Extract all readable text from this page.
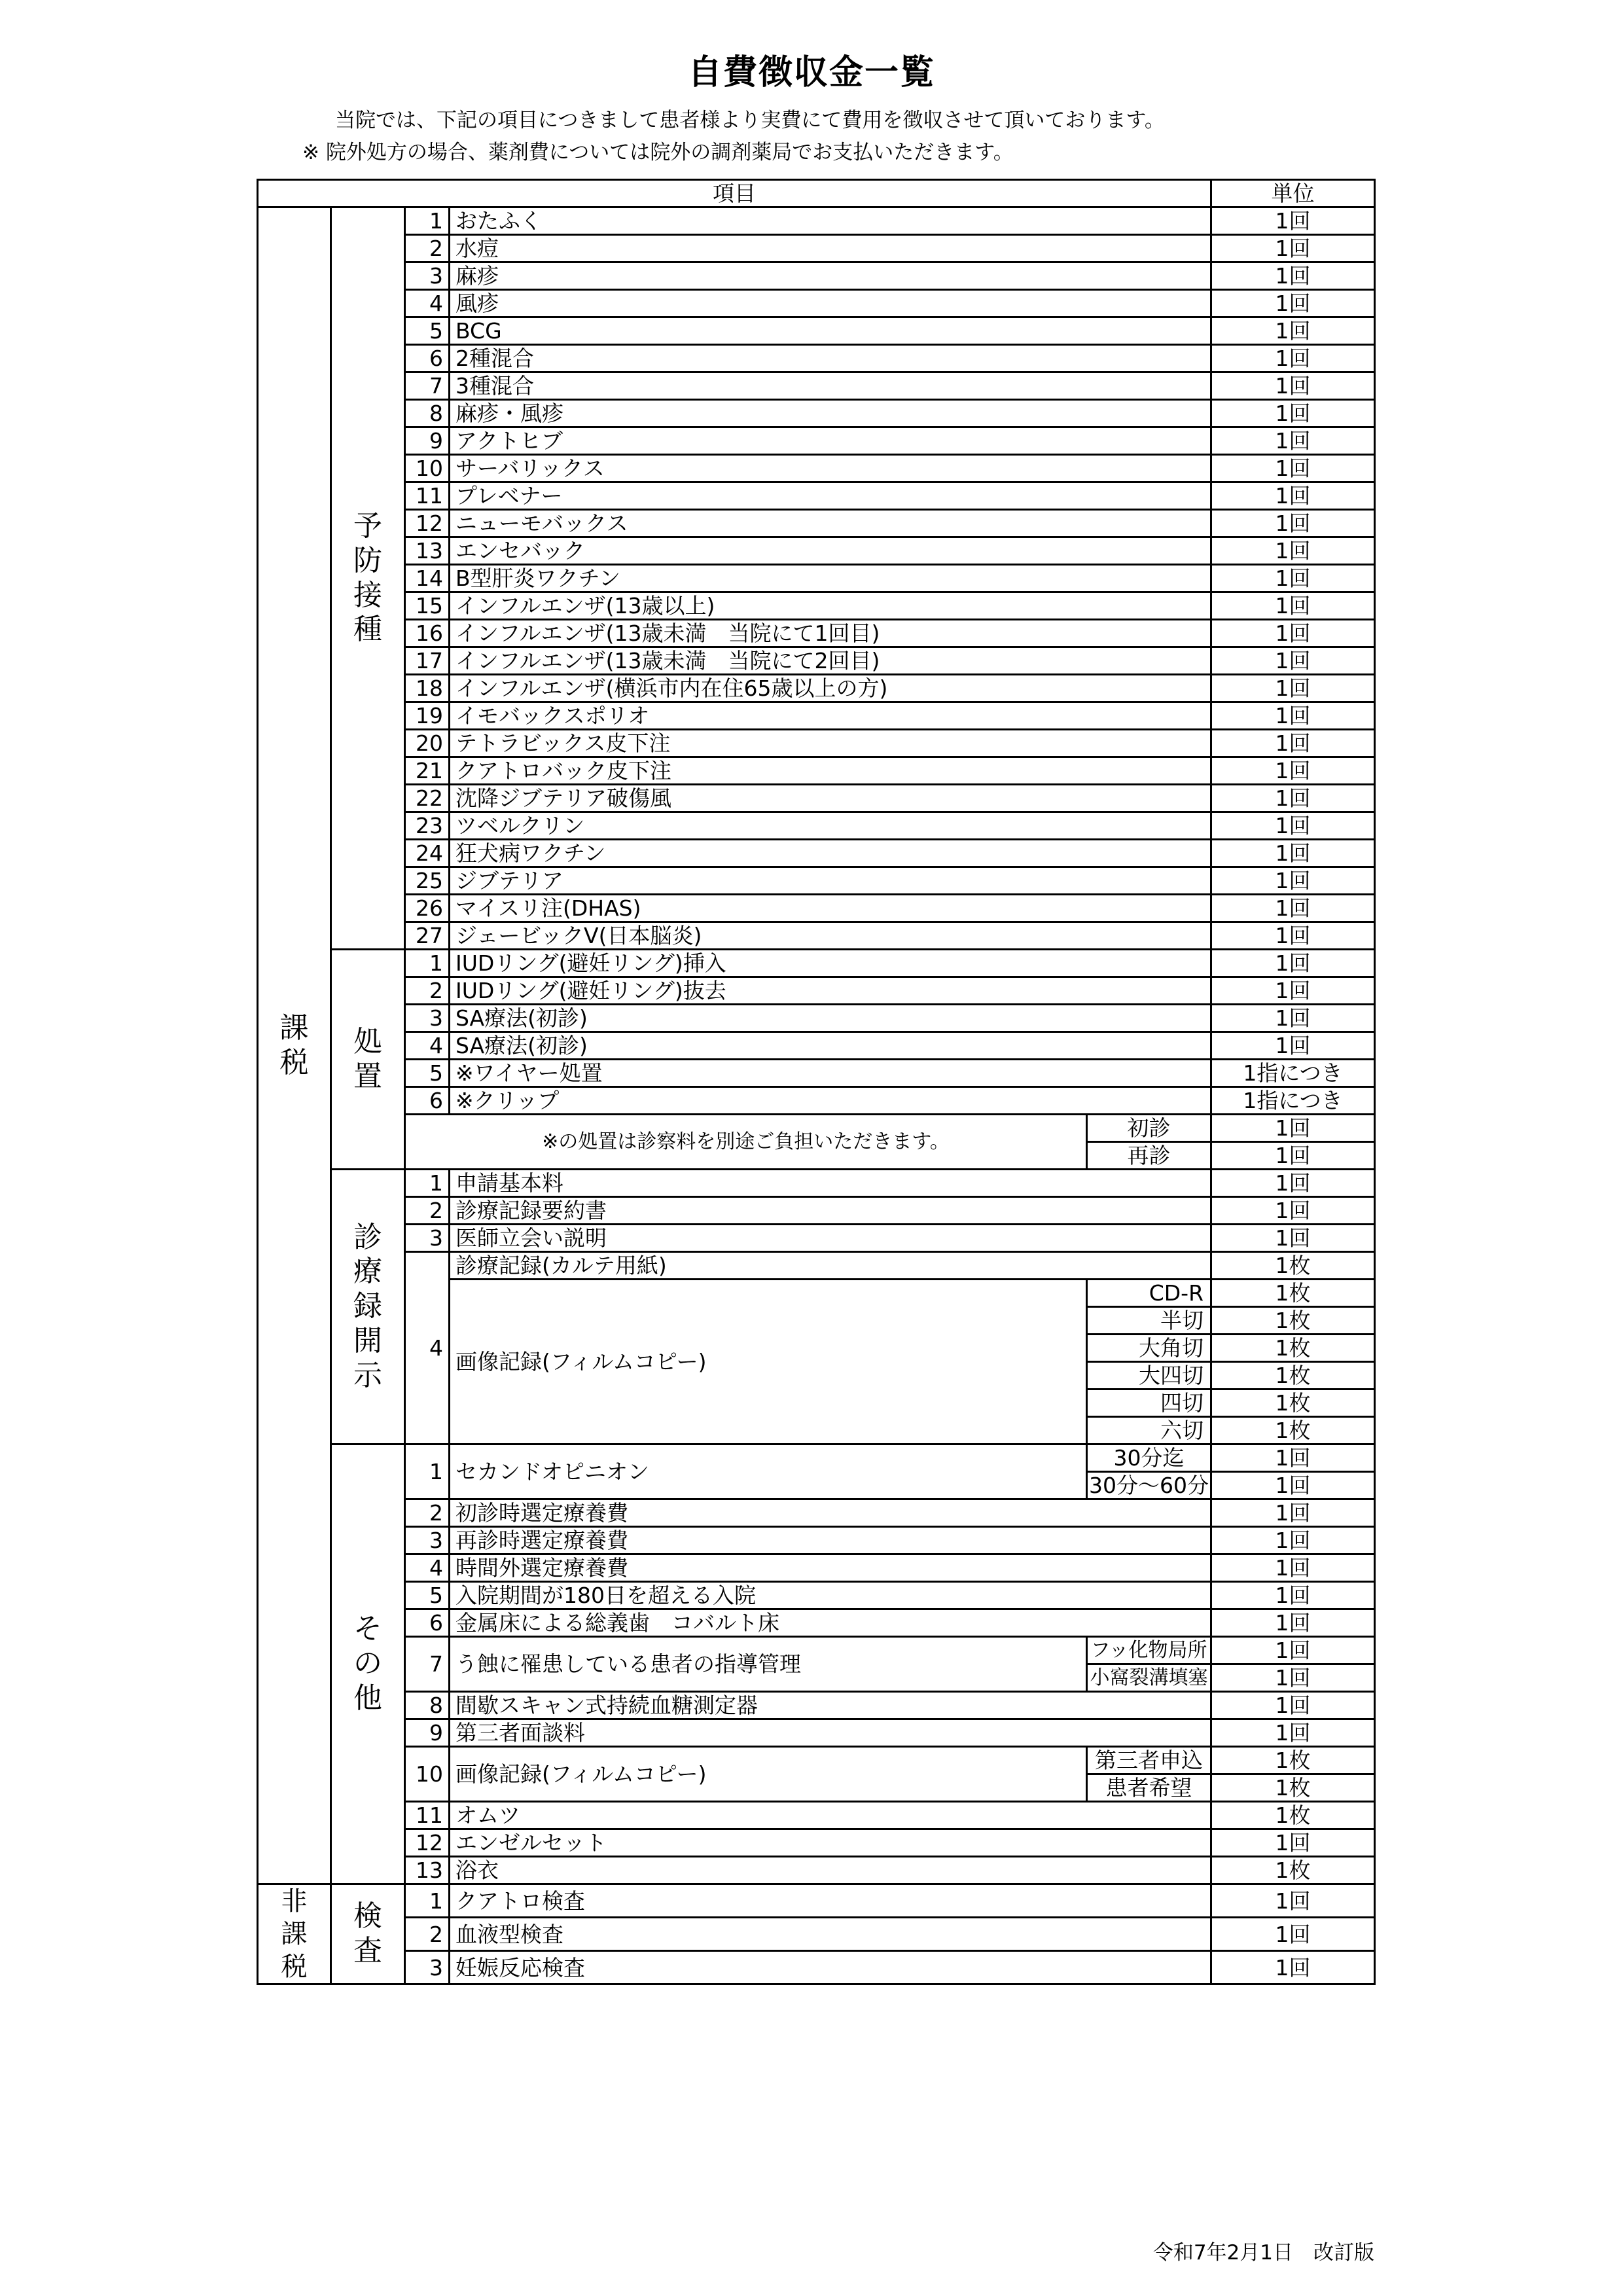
自費徴収金一覧
当院では、下記の項目につきまして患者様より実費にて費用を徴収させて頂いております。
※ 院外処方の場合、薬剤費については院外の調剤薬局でお支払いただきます。
項目					単位	
課
税	予
防
接
種	1	おたふく		1回	
		2	水痘		1回	
		3	麻疹		1回	
		4	風疹		1回	
		5	BCG		1回	
		6	2種混合		1回	
		7	3種混合		1回	
		8	麻疹・風疹		1回	
		9	アクトヒブ		1回	
		10	サーバリックス		1回	
		11	プレベナー		1回	
		12	ニューモバックス		1回	
		13	エンセバック		1回	
		14	B型肝炎ワクチン		1回	
		15	インフルエンザ(13歳以上)		1回	
		16	インフルエンザ(13歳未満　当院にて1回目)		1回	
		17	インフルエンザ(13歳未満　当院にて2回目)		1回	
		18	インフルエンザ(横浜市内在住65歳以上の方)		1回	
		19	イモバックスポリオ		1回	
		20	テトラビックス皮下注		1回	
		21	クアトロバック皮下注		1回	
		22	沈降ジブテリア破傷風		1回	
		23	ツベルクリン		1回	
		24	狂犬病ワクチン		1回	
		25	ジブテリア		1回	
		26	マイスリ注(DHAS)		1回	
		27	ジェービックV(日本脳炎)		1回	
	処
置	1	IUDリング(避妊リング)挿入		1回	
		2	IUDリング(避妊リング)抜去		1回	
		3	SA療法(初診)		1回	
		4	SA療法(初診)		1回	
		5	※ワイヤー処置		1指につき	
		6	※クリップ		1指につき	
		※の処置は診察料を別途ご負担いただきます。		初診	1回	
				再診	1回	
	診
療
録
開
示	1	申請基本料		1回	
		2	診療記録要約書		1回	
		3	医師立会い説明		1回	
		4	診療記録(カルテ用紙)		1枚	
			画像記録(フィルムコピー)	CD-R	1枚	
				半切	1枚	
				大角切	1枚	
				大四切	1枚	
				四切	1枚	
				六切	1枚	
	そ
の
他	1	セカンドオピニオン	30分迄	1回	
				30分～60分	1回	
		2	初診時選定療養費		1回	
		3	再診時選定療養費		1回	
		4	時間外選定療養費		1回	
		5	入院期間が180日を超える入院		1回	
		6	金属床による総義歯　コバルト床		1回	
		7	う蝕に罹患している患者の指導管理	フッ化物局所	1回	
				小窩裂溝填塞	1回	
		8	間歇スキャン式持続血糖測定器		1回	
		9	第三者面談料		1回	
		10	画像記録(フィルムコピー)	第三者申込	1枚	
				患者希望	1枚	
		11	オムツ		1枚	
		12	エンゼルセット		1回	
		13	浴衣		1枚	
非
課
税	検
査	1	クアトロ検査		1回	
		2	血液型検査		1回	
		3	妊娠反応検査		1回	
令和7年2月1日　改訂版
